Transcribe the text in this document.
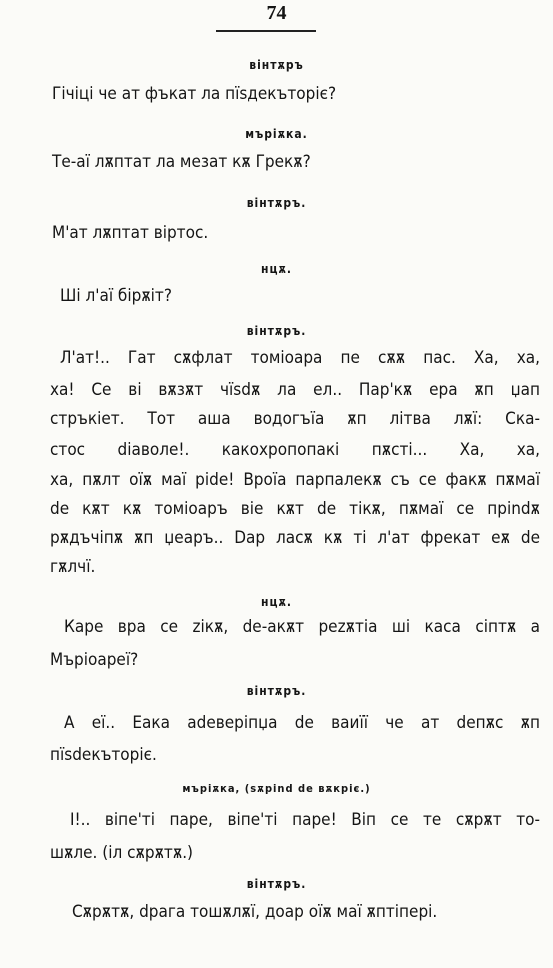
74
вінтѫръ
Гічіці че ат фъкат ла пїѕдекъторіє?
мъріѫка.
Те-аї лѫптат ла мезат кѫ Грекѫ?
вінтѫръ.
М'ат лѫптат віртос.
нцѫ.
Ші л'аї бірѫіт?
вінтѫръ.
Л'ат!.. Гат сѫфлат томіоара пе сѫѫ пас. Ха, ха,
ха! Се ві вѫзѫт чїѕdѫ ла ел.. Пар'кѫ ера ѫп џап
стръкіет. Тот аша водогъїа ѫп літва лѫї: Ска-
стос diаволе!. какохропопакі пѫсті... Ха, ха,
ха, пѫлт оїѫ маї pide! Вроїа парпалекѫ съ се факѫ пѫмаї
de кѫт кѫ томіоаръ віе кѫт de тікѫ, пѫмаї се прindѫ
рѫдъчіпѫ ѫп џеаръ.. Dар ласѫ кѫ ті л'ат фрекат еѫ de
гѫлчї.
нцѫ.
Каре вра се zікѫ, de-акѫт реzѫтіа ші каса сіптѫ а
Мъріоареї?
вінтѫръ.
А еї.. Еака adеверіпџа de ваиїї че ат dепѫс ѫп
пїѕdекъторіє.
мъріѫка, (sѫрind de вѫкріє.)
І!.. віпе'ті паре, віпе'ті паре! Віп се те сѫрѫт то-
шѫле. (іл сѫрѫтѫ.)
вінтѫръ.
Сѫрѫтѫ, dрага тошѫлѫї, доар оїѫ маї ѫптіпері.
